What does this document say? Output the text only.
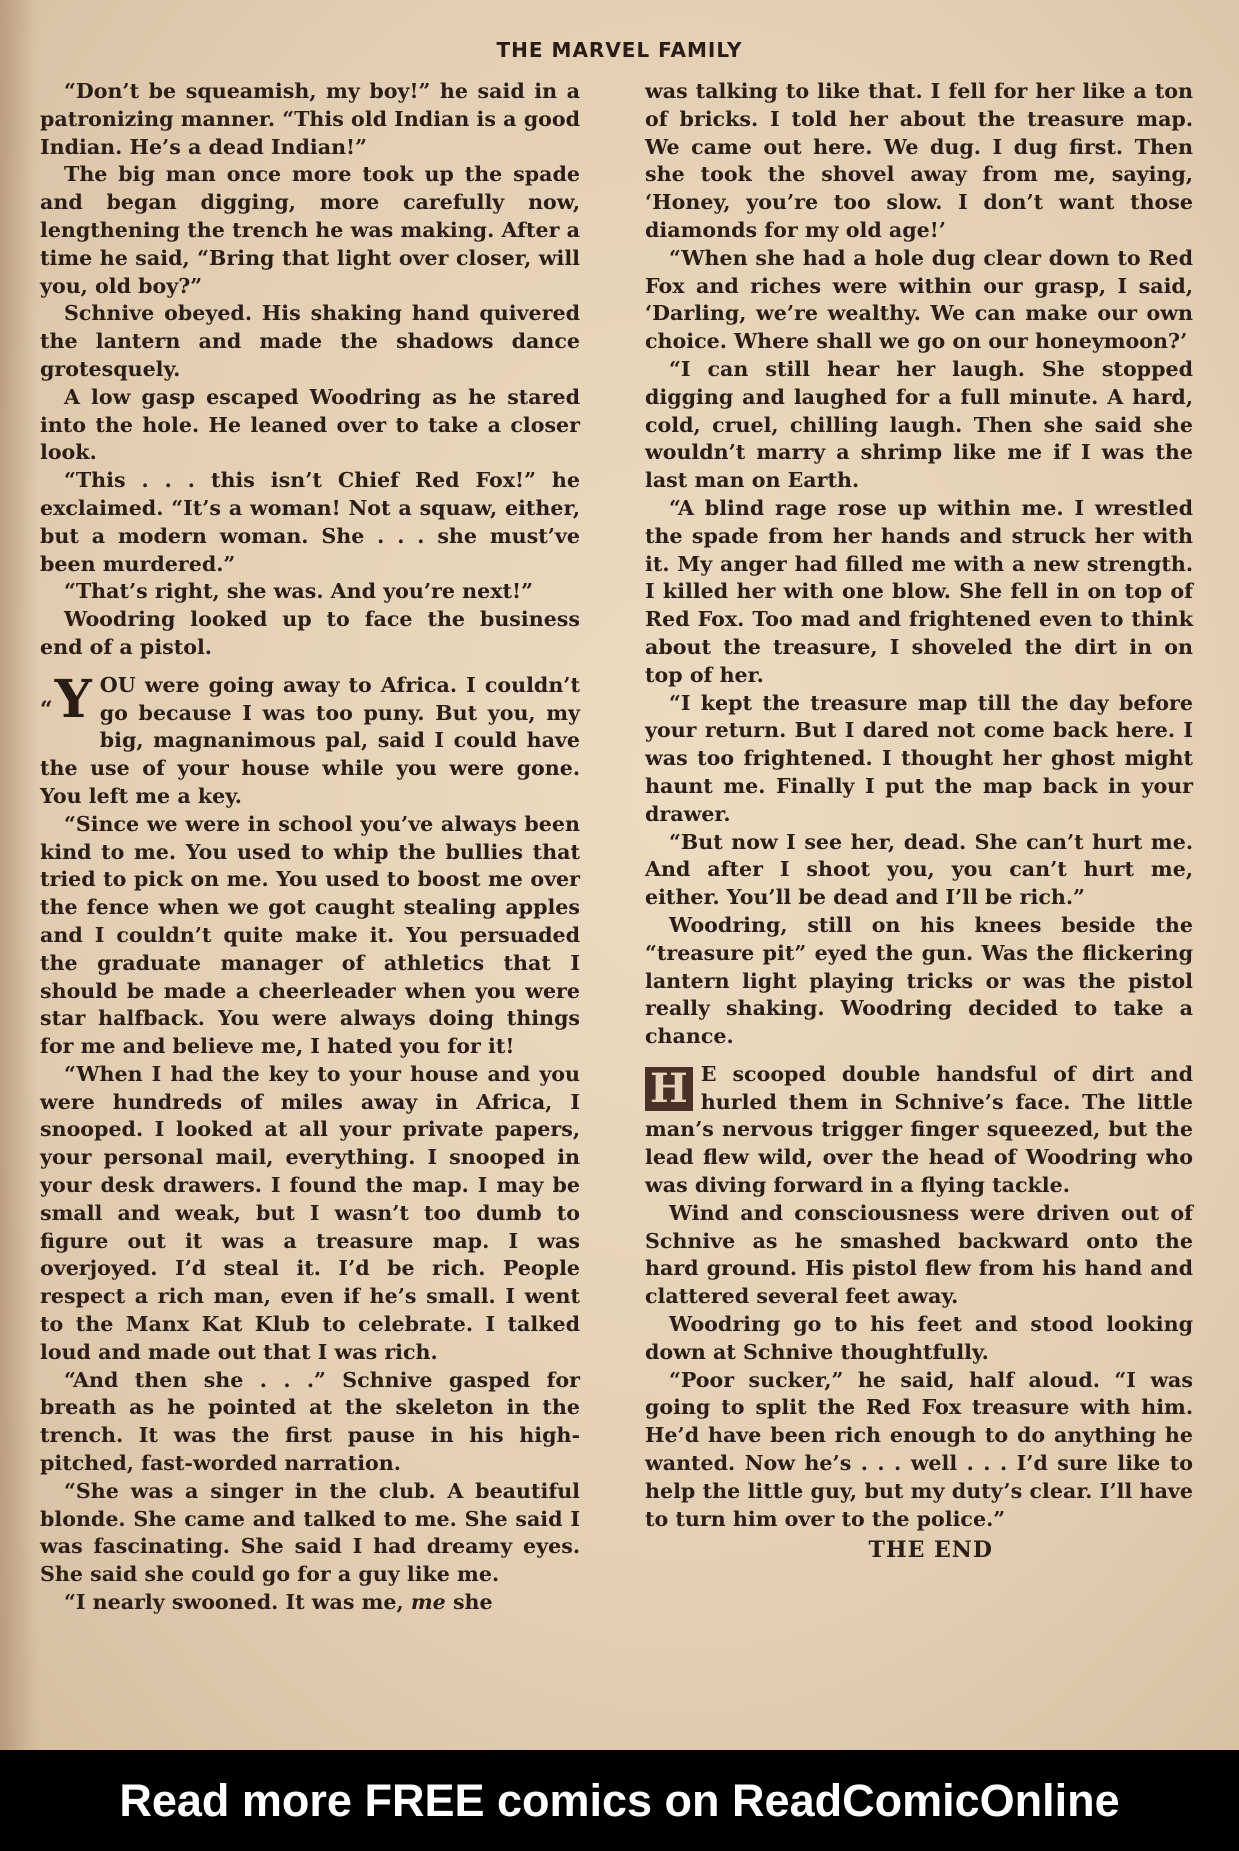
THE MARVEL FAMILY

“Don’t be squeamish, my boy!” he said in a patronizing manner. “This old Indian is a good Indian. He’s a dead Indian!”

The big man once more took up the spade and began digging, more carefully now, lengthening the trench he was making. After a time he said, “Bring that light over closer, will you, old boy?”

Schnive obeyed. His shaking hand quivered the lantern and made the shadows dance grotesquely.

A low gasp escaped Woodring as he stared into the hole. He leaned over to take a closer look.

“This . . . this isn’t Chief Red Fox!” he exclaimed. “It’s a woman! Not a squaw, either, but a modern woman. She . . . she must’ve been murdered.”

“That’s right, she was. And you’re next!”

Woodring looked up to face the business end of a pistol.

“Y OU were going away to Africa. I couldn’t go because I was too puny. But you, my big, magnanimous pal, said I could have the use of your house while you were gone. You left me a key.

“Since we were in school you’ve always been kind to me. You used to whip the bullies that tried to pick on me. You used to boost me over the fence when we got caught stealing apples and I couldn’t quite make it. You persuaded the graduate manager of athletics that I should be made a cheerleader when you were star halfback. You were always doing things for me and believe me, I hated you for it!

“When I had the key to your house and you were hundreds of miles away in Africa, I snooped. I looked at all your private papers, your personal mail, everything. I snooped in your desk drawers. I found the map. I may be small and weak, but I wasn’t too dumb to figure out it was a treasure map. I was overjoyed. I’d steal it. I’d be rich. People respect a rich man, even if he’s small. I went to the Manx Kat Klub to celebrate. I talked loud and made out that I was rich.

“And then she . . .” Schnive gasped for breath as he pointed at the skeleton in the trench. It was the first pause in his high-pitched, fast-worded narration.

“She was a singer in the club. A beautiful blonde. She came and talked to me. She said I was fascinating. She said I had dreamy eyes. She said she could go for a guy like me.

“I nearly swooned. It was me, me she

was talking to like that. I fell for her like a ton of bricks. I told her about the treasure map. We came out here. We dug. I dug first. Then she took the shovel away from me, saying, ‘Honey, you’re too slow. I don’t want those diamonds for my old age!’

“When she had a hole dug clear down to Red Fox and riches were within our grasp, I said, ‘Darling, we’re wealthy. We can make our own choice. Where shall we go on our honeymoon?’

“I can still hear her laugh. She stopped digging and laughed for a full minute. A hard, cold, cruel, chilling laugh. Then she said she wouldn’t marry a shrimp like me if I was the last man on Earth.

“A blind rage rose up within me. I wrestled the spade from her hands and struck her with it. My anger had filled me with a new strength. I killed her with one blow. She fell in on top of Red Fox. Too mad and frightened even to think about the treasure, I shoveled the dirt in on top of her.

“I kept the treasure map till the day before your return. But I dared not come back here. I was too frightened. I thought her ghost might haunt me. Finally I put the map back in your drawer.

“But now I see her, dead. She can’t hurt me. And after I shoot you, you can’t hurt me, either. You’ll be dead and I’ll be rich.”

Woodring, still on his knees beside the “treasure pit” eyed the gun. Was the flickering lantern light playing tricks or was the pistol really shaking. Woodring decided to take a chance.

H E scooped double handsful of dirt and hurled them in Schnive’s face. The little man’s nervous trigger finger squeezed, but the lead flew wild, over the head of Woodring who was diving forward in a flying tackle.

Wind and consciousness were driven out of Schnive as he smashed backward onto the hard ground. His pistol flew from his hand and clattered several feet away.

Woodring go to his feet and stood looking down at Schnive thoughtfully.

“Poor sucker,” he said, half aloud. “I was going to split the Red Fox treasure with him. He’d have been rich enough to do anything he wanted. Now he’s . . . well . . . I’d sure like to help the little guy, but my duty’s clear. I’ll have to turn him over to the police.”

THE END
Read more FREE comics on ReadComicOnline
